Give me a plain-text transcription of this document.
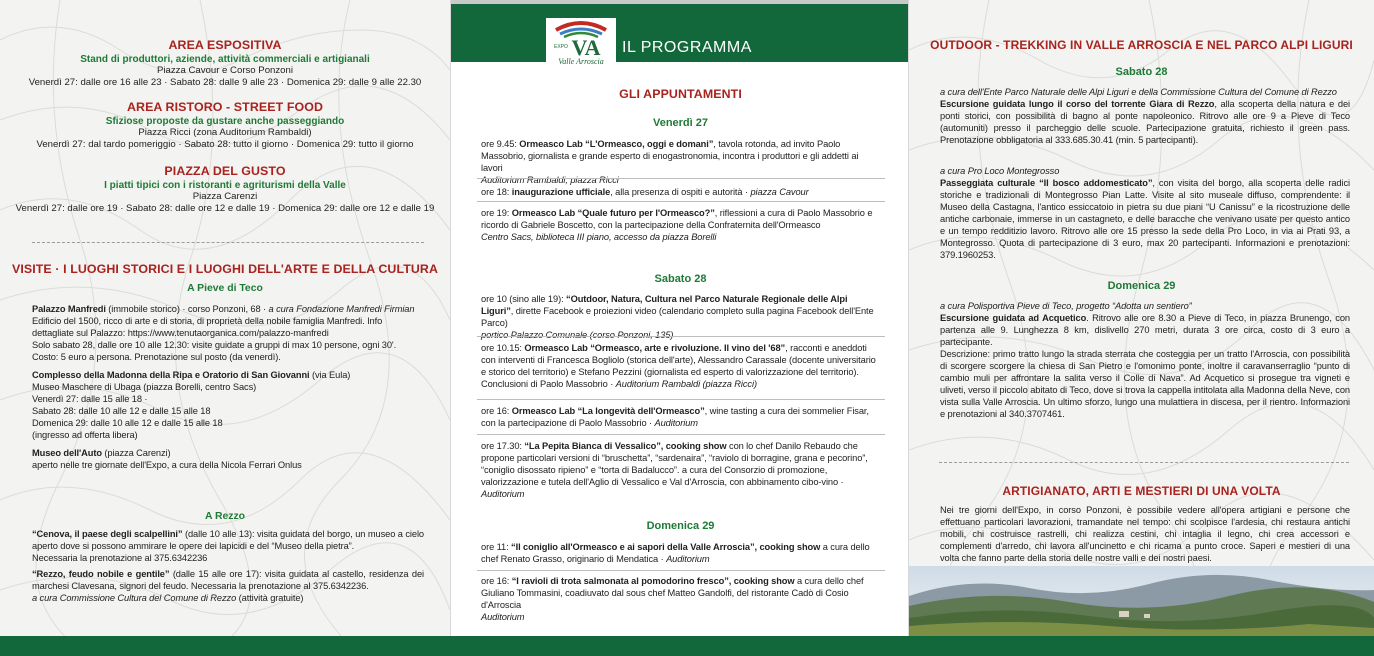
AREA ESPOSITIVA
Stand di produttori, aziende, attività commerciali e artigianali
Piazza Cavour e Corso Ponzoni
Venerdì 27: dalle ore 16 alle 23 · Sabato 28: dalle 9 alle 23 · Domenica 29: dalle 9 alle 22.30
AREA RISTORO - STREET FOOD
Sfiziose proposte da gustare anche passeggiando
Piazza Ricci (zona Auditorium Rambaldi)
Venerdì 27: dal tardo pomeriggio · Sabato 28: tutto il giorno · Domenica 29: tutto il giorno
PIAZZA DEL GUSTO
I piatti tipici con i ristoranti e agriturismi della Valle
Piazza Carenzi
Venerdì 27: dalle ore 19 · Sabato 28: dalle ore 12 e dalle 19 · Domenica 29: dalle ore 12 e dalle 19
VISITE · I LUOGHI STORICI E I LUOGHI DELL'ARTE E DELLA CULTURA
A Pieve di Teco
Palazzo Manfredi (immobile storico) · corso Ponzoni, 68 · a cura Fondazione Manfredi Firmian
Edificio del 1500, ricco di arte e di storia, di proprietà della nobile famiglia Manfredi. Info dettagliate sul Palazzo: https://www.tenutaorganica.com/palazzo-manfredi
Solo sabato 28, dalle ore 10 alle 12.30: visite guidate a gruppi di max 10 persone, ogni 30'.
Costo: 5 euro a persona. Prenotazione sul posto (da venerdì).
Complesso della Madonna della Ripa e Oratorio di San Giovanni (via Eula)
Museo Maschere di Ubaga (piazza Borelli, centro Sacs)
Venerdì 27: dalle 15 alle 18 ·
Sabato 28: dalle 10 alle 12 e dalle 15 alle 18
Domenica 29: dalle 10 alle 12 e dalle 15 alle 18
(ingresso ad offerta libera)
Museo dell'Auto (piazza Carenzi)
aperto nelle tre giornate dell'Expo, a cura della Nicola Ferrari Onlus
A Rezzo
“Cenova, il paese degli scalpellini” (dalle 10 alle 13): visita guidata del borgo, un museo a cielo aperto dove si possono ammirare le opere dei lapicidi e del “Museo della pietra”.
Necessaria la prenotazione al 375.6342236
“Rezzo, feudo nobile e gentile” (dalle 15 alle ore 17): visita guidata al castello, residenza dei marchesi Clavesana, signori del feudo. Necessaria la prenotazione al 375.6342236.
a cura Commissione Cultura del Comune di Rezzo (attività gratuite)
VA
EXPO
Valle Arroscia
IL PROGRAMMA
GLI APPUNTAMENTI
Venerdì 27
ore 9.45: Ormeasco Lab “L'Ormeasco, oggi e domani”, tavola rotonda, ad invito Paolo Massobrio, giornalista e grande esperto di enogastronomia, incontra i produttori e gli addetti ai lavori
Auditorium Rambaldi, piazza Ricci
ore 18: inaugurazione ufficiale, alla presenza di ospiti e autorità · piazza Cavour
ore 19: Ormeasco Lab “Quale futuro per l'Ormeasco?”, riflessioni a cura di Paolo Massobrio e ricordo di Gabriele Boscetto, con la partecipazione della Confraternita dell'Ormeasco
Centro Sacs, biblioteca III piano, accesso da piazza Borelli
Sabato 28
ore 10 (sino alle 19): “Outdoor, Natura, Cultura nel Parco Naturale Regionale delle Alpi Liguri”, dirette Facebook e proiezioni video (calendario completo sulla pagina Facebook dell'Ente Parco)
portico Palazzo Comunale (corso Ponzoni, 135)
ore 10.15: Ormeasco Lab “Ormeasco, arte e rivoluzione. Il vino del '68”, racconti e aneddoti con interventi di Francesca Bogliolo (storica dell'arte), Alessandro Carassale (docente universitario e storico del territorio) e Stefano Pezzini (giornalista ed esperto di valorizzazione del territorio). Conclusioni di Paolo Massobrio · Auditorium Rambaldi (piazza Ricci)
ore 16: Ormeasco Lab “La longevità dell'Ormeasco”, wine tasting a cura dei sommelier Fisar, con la partecipazione di Paolo Massobrio · Auditorium
ore 17.30: “La Pepita Bianca di Vessalico”, cooking show con lo chef Danilo Rebaudo che propone particolari versioni di “bruschetta”, “sardenaira”, “raviolo di borragine, grana e pecorino”, “coniglio disossato ripieno” e “torta di Badalucco”. a cura del Consorzio di promozione, valorizzazione e tutela dell'Aglio di Vessalico e Val d'Arroscia, con abbinamento cibo-vino · Auditorium
Domenica 29
ore 11: “Il coniglio all'Ormeasco e ai sapori della Valle Arroscia”, cooking show a cura dello chef Renato Grasso, originario di Mendatica · Auditorium
ore 16: “I ravioli di trota salmonata al pomodorino fresco”, cooking show a cura dello chef Giuliano Tommasini, coadiuvato dal sous chef Matteo Gandolfi, del ristorante Cadò di Cosio d'Arroscia
Auditorium
OUTDOOR - TREKKING IN VALLE ARROSCIA E NEL PARCO ALPI LIGURI
Sabato 28
a cura dell'Ente Parco Naturale delle Alpi Liguri e della Commissione Cultura del Comune di Rezzo
Escursione guidata lungo il corso del torrente Giara di Rezzo, alla scoperta della natura e dei ponti storici, con possibilità di bagno al ponte napoleonico. Ritrovo alle ore 9 a Pieve di Teco (automuniti) presso il parcheggio delle scuole. Partecipazione gratuita, richiesto il green pass. Prenotazione obbligatoria al 333.685.30.41 (min. 5 partecipanti).
a cura Pro Loco Montegrosso
Passeggiata culturale “Il bosco addomesticato”, con visita del borgo, alla scoperta delle radici storiche e tradizionali di Montegrosso Pian Latte. Visite al sito museale diffuso, comprendente: il Museo della Castagna, l'antico essiccatoio in pietra su due piani “U Canissu” e la ricostruzione delle antiche carbonaie, immerse in un castagneto, e delle baracche che venivano usate per questo antico e un tempo redditizio lavoro. Ritrovo alle ore 15 presso la sede della Pro Loco, in via ai Prati 93, a Montegrosso. Quota di partecipazione di 3 euro, max 20 partecipanti. Informazioni e prenotazioni: 379.1960253.
Domenica 29
a cura Polisportiva Pieve di Teco, progetto “Adotta un sentiero”
Escursione guidata ad Acquetico. Ritrovo alle ore 8.30 a Pieve di Teco, in piazza Brunengo, con partenza alle 9. Lunghezza 8 km, dislivello 270 metri, durata 3 ore circa, costo di 3 euro a partecipante.
Descrizione: primo tratto lungo la strada sterrata che costeggia per un tratto l'Arroscia, con possibilità di scorgere scorgere la chiesa di San Pietro e l'omonimo ponte, inoltre il caravanserraglio “punto di cambio muli per affrontare la salita verso il Colle di Nava”. Ad Acquetico si prosegue tra vigneti e uliveti, verso il piccolo abitato di Teco, dove si trova la cappella intitolata alla Madonna della Neve, con vista sulla Valle Arroscia. Un ultimo sforzo, lungo una mulattiera in discesa, per il rientro. Informazioni e prenotazioni al 340.3707461.
ARTIGIANATO, ARTI E MESTIERI DI UNA VOLTA
Nei tre giorni dell'Expo, in corso Ponzoni, è possibile vedere all'opera artigiani e persone che effettuano particolari lavorazioni, tramandate nel tempo: chi scolpisce l'ardesia, chi restaura antichi mobili, chi costruisce rastrelli, chi realizza cestini, chi intaglia il legno, chi crea accessori e complementi d'arredo, chi lavora all'uncinetto e chi ricama a punto croce. Saperi e mestieri di una volta che fanno parte della storia delle nostre valli e dei nostri paesi.
